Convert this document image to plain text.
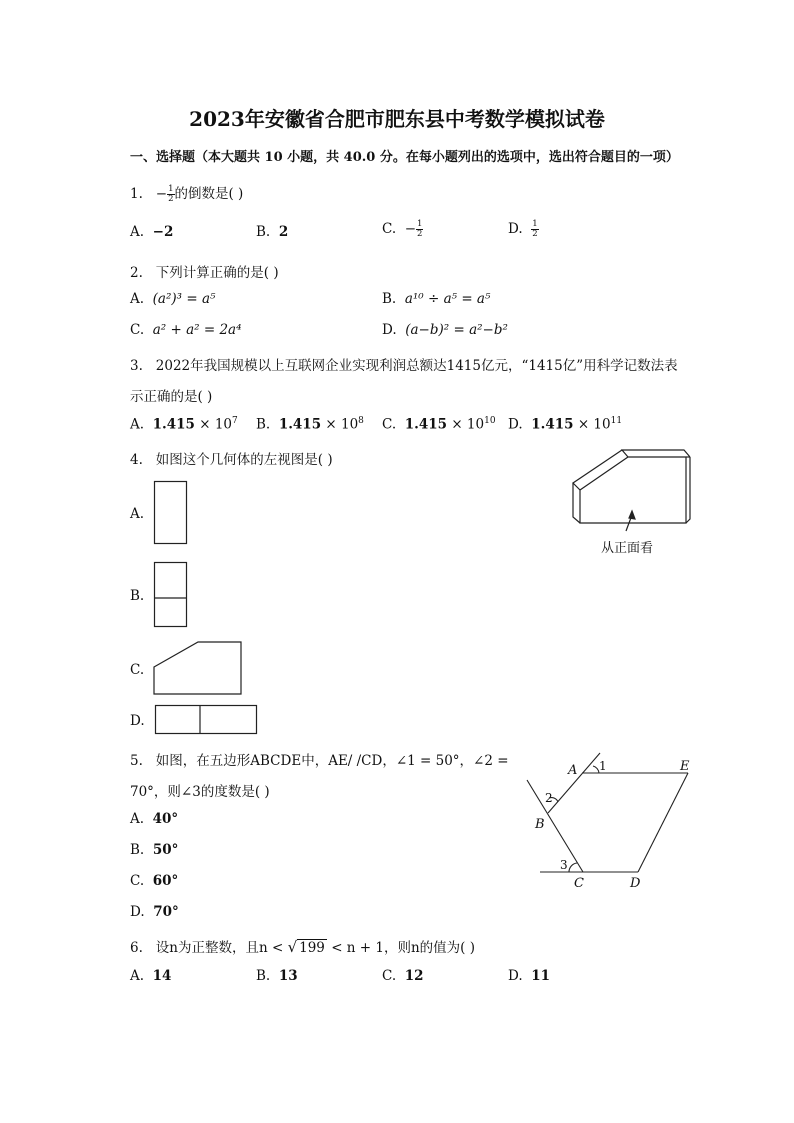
2023年安徽省合肥市肥东县中考数学模拟试卷
一、选择题（本大题共 10 小题，共 40.0 分。在每小题列出的选项中，选出符合题目的一项）
1. − $\frac{1}{2}$ 的倒数是( )
A. −2	B. 2	C. − $\frac{1}{2}$	D. $\frac{1}{2}$
2. 下列计算正确的是( )
A. (a²)³ = a⁵	B. a¹⁰ ÷ a⁵ = a⁵
C. a² + a² = 2a⁴	D. (a−b)² = a²−b²
3. 2022年我国规模以上互联网企业实现利润总额达1415亿元，“1415亿”用科学记数法表
示正确的是( )
A. $1.415 \times 10^7$ B. $1.415 \times 10^8$ C. $1.415 \times 10^{10}$ D. $1.415 \times 10^{11}$
4. 如图这个几何体的左视图是( )
从正面看
A.
B.
C.
D.
5. 如图，在五边形ABCDE中，AE/ /CD，∠1 = 50°，∠2 =
70°，则∠3的度数是( )
A
B
C	D
E
1
2
3
A. 40°
B. 50°
C. 60°
D. 70°
6. 设n为正整数，且n < √ 199 < n + 1，则n的值为( )
A. 14	B. 13	C. 12	D. 11
